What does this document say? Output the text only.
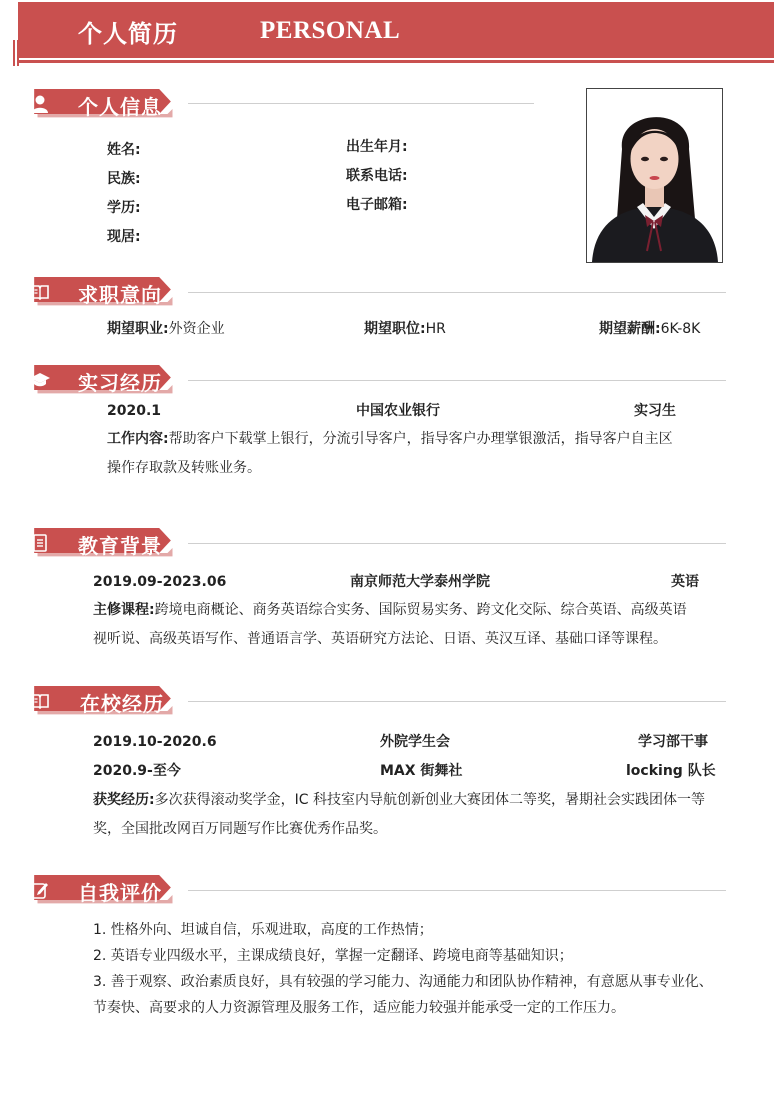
个人简历	PERSONAL
个人信息
姓名:	出生年月:
民族:	联系电话:
学历:	电子邮箱:
现居:
求职意向
期望职业:外资企业	期望职位:HR	期望薪酬:6K-8K
实习经历
2020.1	中国农业银行	实习生
工作内容:帮助客户下载掌上银行，分流引导客户，指导客户办理掌银激活，指导客户自主区
操作存取款及转账业务。
教育背景
2019.09-2023.06	南京师范大学泰州学院	英语
主修课程:跨境电商概论、商务英语综合实务、国际贸易实务、跨文化交际、综合英语、高级英语
视听说、高级英语写作、普通语言学、英语研究方法论、日语、英汉互译、基础口译等课程。
在校经历
2019.10-2020.6	外院学生会	学习部干事
2020.9-至今	MAX 街舞社	locking 队长
获奖经历:多次获得滚动奖学金，IC 科技室内导航创新创业大赛团体二等奖，暑期社会实践团体一等
奖，全国批改网百万同题写作比赛优秀作品奖。
自我评价
1. 性格外向、坦诚自信，乐观进取，高度的工作热情；
2. 英语专业四级水平，主课成绩良好，掌握一定翻译、跨境电商等基础知识；
3. 善于观察、政治素质良好，具有较强的学习能力、沟通能力和团队协作精神，有意愿从事专业化、
节奏快、高要求的人力资源管理及服务工作，适应能力较强并能承受一定的工作压力。
